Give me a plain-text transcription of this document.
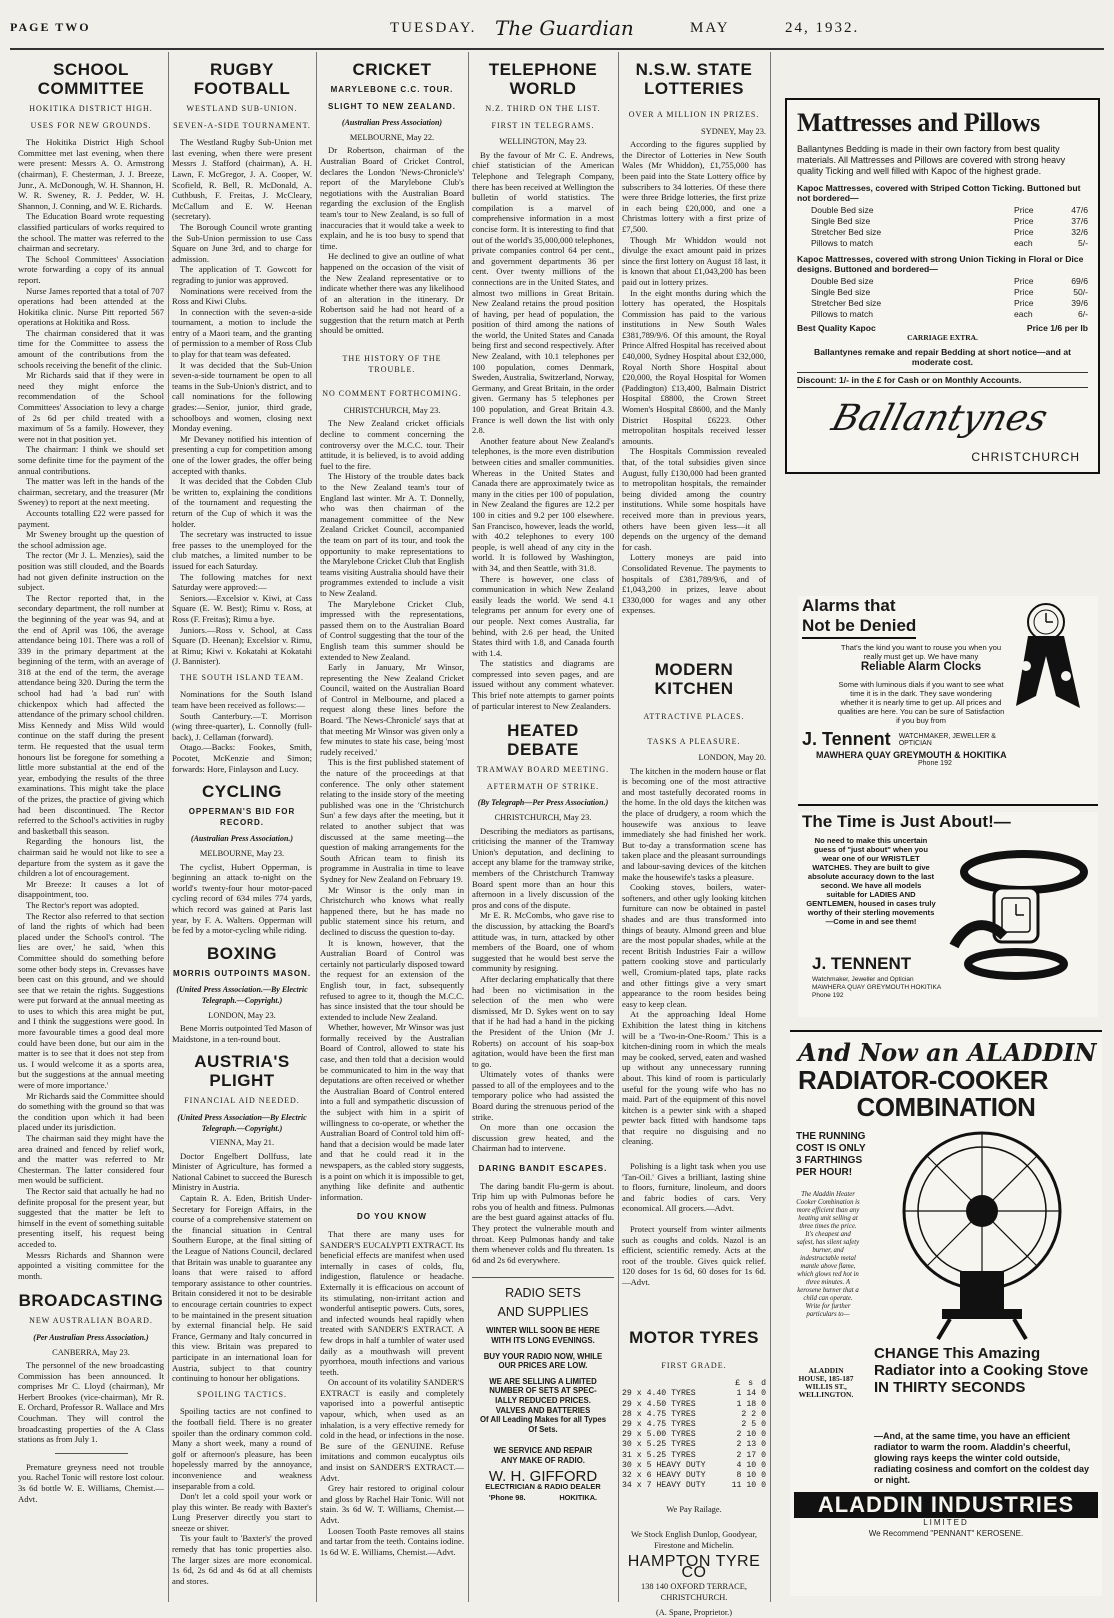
PAGE TWO	TUESDAY. The Guardian	MAY	24, 1932.
SCHOOL COMMITTEE
HOKITIKA DISTRICT HIGH.
USES FOR NEW GROUNDS.

The Hokitika District High School Committee met last evening, when there were present: Messrs A. O. Armstrong (chairman), F. Chesterman, J. J. Breeze, Junr., A. McDonough, W. H. Shannon, H. W. R. Sweney, R. J. Pedder, W. H. Shannon, J. Conning, and W. E. Richards.

The Education Board wrote requesting classified particulars of works required to the school. The matter was referred to the chairman and secretary.

The School Committees' Association wrote forwarding a copy of its annual report.

Nurse James reported that a total of 707 operations had been attended at the Hokitika clinic. Nurse Pitt reported 567 operations at Hokitika and Ross.

The chairman considered that it was time for the Committee to assess the amount of the contributions from the schools receiving the benefit of the clinic.

Mr Richards said that if they were in need they might enforce the recommendation of the School Committees' Association to levy a charge of 2s 6d per child treated with a maximum of 5s a family. However, they were not in that position yet.

The chairman: I think we should set some definite time for the payment of the annual contributions.

The matter was left in the hands of the chairman, secretary, and the treasurer (Mr Sweney) to report at the next meeting.

Accounts totalling £22 were passed for payment.

Mr Sweney brought up the question of the school admission age.

The rector (Mr J. L. Menzies), said the position was still clouded, and the Boards had not given definite instruction on the subject.

The Rector reported that, in the secondary department, the roll number at the beginning of the year was 94, and at the end of April was 106, the average attendance being 101. There was a roll of 339 in the primary department at the beginning of the term, with an average of 318 at the end of the term, the average attendance being 320. During the term the school had had 'a bad run' with chickenpox which had affected the attendance of the primary school children. Miss Kennedy and Miss Wild would continue on the staff during the present term. He requested that the usual term honours list be foregone for something a little more substantial at the end of the year, embodying the results of the three examinations. This might take the place of the prizes, the practice of giving which had been discontinued. The Rector referred to the School's activities in rugby and basketball this season.

Regarding the honours list, the chairman said he would not like to see a departure from the system as it gave the children a lot of encouragement.

Mr Breeze: It causes a lot of disappointment, too.

The Rector's report was adopted.

The Rector also referred to that section of land the rights of which had been placed under the School's control. 'The lies are over,' he said, 'when this Committee should do something before some other body steps in. Crevasses have been cast on this ground, and we should see that we retain the rights. Suggestions were put forward at the annual meeting as to uses to which this area might be put, and I think the suggestions were good. In more favourable times a good deal more could have been done, but our aim in the matter is to see that it does not step from us. I would welcome it as a sports area, but the suggestions at the annual meeting were of more importance.'

Mr Richards said the Committee should do something with the ground so that was the condition upon which it had been placed under its jurisdiction.

The chairman said they might have the area drained and fenced by relief work, and the matter was referred to Mr Chesterman. The latter considered four men would be sufficient.

The Rector said that actually he had no definite proposal for the present year, but suggested that the matter be left to himself in the event of something suitable presenting itself, his request being acceded to.

Messrs Richards and Shannon were appointed a visiting committee for the month.

BROADCASTING
NEW AUSTRALIAN BOARD.
(Per Australian Press Association.)
CANBERRA, May 23.

The personnel of the new broadcasting Commission has been announced. It comprises Mr C. Lloyd (chairman), Mr Herbert Brookes (vice-chairman), Mr R. E. Orchard, Professor R. Wallace and Mrs Couchman. They will control the broadcasting properties of the A Class stations as from July 1.

Premature greyness need not trouble you. Rachel Tonic will restore lost colour. 3s 6d bottle W. E. Williams, Chemist.—Advt.

RUGBY FOOTBALL
WESTLAND SUB-UNION.
SEVEN-A-SIDE TOURNAMENT.

The Westland Rugby Sub-Union met last evening, when there were present Messrs J. Stafford (chairman), A. H. Lawn, F. McGregor, J. A. Cooper, W. Scofield, R. Bell, R. McDonald, A. Cuthbush, F. Freitas, J. McCleary, McCallum and E. W. Heenan (secretary).

The Borough Council wrote granting the Sub-Union permission to use Cass Square on June 3rd, and to charge for admission.

The application of T. Gowcott for regrading to junior was approved.

Nominations were received from the Ross and Kiwi Clubs.

In connection with the seven-a-side tournament, a motion to include the entry of a Maori team, and the granting of permission to a member of Ross Club to play for that team was defeated.

It was decided that the Sub-Union seven-a-side tournament be open to all teams in the Sub-Union's district, and to call nominations for the following grades:—Senior, junior, third grade, schoolboys and women, closing next Monday evening.

Mr Devaney notified his intention of presenting a cup for competition among one of the lower grades, the offer being accepted with thanks.

It was decided that the Cobden Club be written to, explaining the conditions of the tournament and requesting the return of the Cup of which it was the holder.

The secretary was instructed to issue free passes to the unemployed for the club matches, a limited number to be issued for each Saturday.

The following matches for next Saturday were approved:—

Seniors.—Excelsior v. Kiwi, at Cass Square (E. W. Best); Rimu v. Ross, at Ross (F. Freitas); Rimu a bye.

Juniors.—Ross v. School, at Cass Square (D. Heenan); Excelsior v. Rimu, at Rimu; Kiwi v. Kokatahi at Kokatahi (J. Bannister).

THE SOUTH ISLAND TEAM.

Nominations for the South Island team have been received as follows:—

South Canterbury.—T. Morrison (wing three-quarter), L. Connolly (full-back), J. Cellaman (forward).

Otago.—Backs: Fookes, Smith, Pocotet, McKenzie and Simon; forwards: Hore, Finlayson and Lucy.

CYCLING
OPPERMAN'S BID FOR RECORD.
(Australian Press Association.)
MELBOURNE, May 23.

The cyclist, Hubert Opperman, is beginning an attack to-night on the world's twenty-four hour motor-paced cycling record of 634 miles 774 yards, which record was gained at Paris last year, by F. A. Walters. Opperman will be fed by a motor-cycling while riding.

BOXING
MORRIS OUTPOINTS MASON.
(United Press Association.—By Electric Telegraph.—Copyright.)
LONDON, May 23.

Bene Morris outpointed Ted Mason of Maidstone, in a ten-round bout.

AUSTRIA'S PLIGHT
FINANCIAL AID NEEDED.
(United Press Association—By Electric Telegraph.—Copyright.)
VIENNA, May 21.

Doctor Engelbert Dollfuss, late Minister of Agriculture, has formed a National Cabinet to succeed the Buresch Ministry in Austria.

Captain R. A. Eden, British Under-Secretary for Foreign Affairs, in the course of a comprehensive statement on the financial situation in Central Southern Europe, at the final sitting of the League of Nations Council, declared that Britain was unable to guarantee any loans that were raised to afford temporary assistance to other countries. Britain considered it not to be desirable to encourage certain countries to expect to be maintained in the present situation by external financial help. He said France, Germany and Italy concurred in this view. Britain was prepared to participate in an international loan for Austria, subject to that country continuing to honour her obligations.

SPOILING TACTICS.

Spoiling tactics are not confined to the football field. There is no greater spoiler than the ordinary common cold. Many a short week, many a round of golf or afternoon's pleasure, has been hopelessly marred by the annoyance, inconvenience and weakness inseparable from a cold.

Don't let a cold spoil your work or play this winter. Be ready with Baxter's Lung Preserver directly you start to sneeze or shiver.

Tis your fault to 'Baxter's' the proved remedy that has tonic properties also. The larger sizes are more economical. 1s 6d, 2s 6d and 4s 6d at all chemists and stores.

CRICKET
MARYLEBONE C.C. TOUR.
SLIGHT TO NEW ZEALAND.
(Australian Press Association)
MELBOURNE, May 22.

Dr Robertson, chairman of the Australian Board of Cricket Control, declares the London 'News-Chronicle's' report of the Marylebone Club's negotiations with the Australian Board regarding the exclusion of the English team's tour to New Zealand, is so full of inaccuracies that it would take a week to explain, and he is too busy to spend that time.

He declined to give an outline of what happened on the occasion of the visit of the New Zealand representative or to indicate whether there was any likelihood of an alteration in the itinerary. Dr Robertson said he had not heard of a suggestion that the return match at Perth should be omitted.

THE HISTORY OF THE TROUBLE.
NO COMMENT FORTHCOMING.
CHRISTCHURCH, May 23.

The New Zealand cricket officials decline to comment concerning the controversy over the M.C.C. tour. Their attitude, it is believed, is to avoid adding fuel to the fire.

The History of the trouble dates back to the New Zealand team's tour of England last winter. Mr A. T. Donnelly, who was then chairman of the management committee of the New Zealand Cricket Council, accompanied the team on part of its tour, and took the opportunity to make representations to the Marylebone Cricket Club that English teams visiting Australia should have their programmes extended to include a visit to New Zealand.

The Marylebone Cricket Club, impressed with the representations, passed them on to the Australian Board of Control suggesting that the tour of the English team this summer should be extended to New Zealand.

Early in January, Mr Winsor, representing the New Zealand Cricket Council, waited on the Australian Board of Control in Melbourne, and placed a request along these lines before the Board. 'The News-Chronicle' says that at that meeting Mr Winsor was given only a few minutes to state his case, being 'most rudely received.'

This is the first published statement of the nature of the proceedings at that conference. The only other statement relating to the inside story of the meeting published was one in the 'Christchurch Sun' a few days after the meeting, but it related to another subject that was discussed at the same meeting—the question of making arrangements for the South African team to finish its programme in Australia in time to leave Sydney for New Zealand on February 19.

Mr Winsor is the only man in Christchurch who knows what really happened there, but he has made no public statement since his return, and declined to discuss the question to-day.

It is known, however, that the Australian Board of Control was certainly not particularly disposed toward the request for an extension of the English tour, in fact, subsequently refused to agree to it, though the M.C.C. has since insisted that the tour should be extended to include New Zealand.

Whether, however, Mr Winsor was just formally received by the Australian Board of Control, allowed to state his case, and then told that a decision would be communicated to him in the way that deputations are often received or whether the Australian Board of Control entered into a full and sympathetic discussion of the subject with him in a spirit of willingness to co-operate, or whether the Australian Board of Control told him off-hand that a decision would be made later and that he could read it in the newspapers, as the cabled story suggests, is a point on which it is impossible to get, anything like definite and authentic information.

DO YOU KNOW

That there are many uses for SANDER'S EUCALYPTI EXTRACT. Its beneficial effects are manifest when used internally in cases of colds, flu, indigestion, flatulence or headache. Externally it is efficacious on account of its stimulating, non-irritant action and wonderful antiseptic powers. Cuts, sores, and infected wounds heal rapidly when treated with SANDER'S EXTRACT. A few drops in half a tumbler of water used daily as a mouthwash will prevent pyorrhoea, mouth infections and various teeth.

On account of its volatility SANDER'S EXTRACT is easily and completely vaporised into a powerful antiseptic vapour, which, when used as an inhalation, is a very effective remedy for cold in the head, or infections in the nose. Be sure of the GENUINE. Refuse imitations and common eucalyptus oils and insist on SANDER'S EXTRACT.—Advt.

Grey hair restored to original colour and gloss by Rachel Hair Tonic. Will not stain. 3s 6d W. T. Williams, Chemist.—Advt.

Loosen Tooth Paste removes all stains and tartar from the teeth. Contains iodine. 1s 6d W. E. Williams, Chemist.—Advt.

TELEPHONE WORLD
N.Z. THIRD ON THE LIST.
FIRST IN TELEGRAMS.
WELLINGTON, May 23.

By the favour of Mr C. E. Andrews, chief statistician of the American Telephone and Telegraph Company, there has been received at Wellington the bulletin of world statistics. The compilation is a marvel of comprehensive information in a most concise form. It is interesting to find that out of the world's 35,000,000 telephones, private companies control 64 per cent., and government departments 36 per cent. Over twenty millions of the connections are in the United States, and almost two millions in Great Britain. New Zealand retains the proud position of having, per head of population, the position of third among the nations of the world, the United States and Canada being first and second respectively. After New Zealand, with 10.1 telephones per 100 population, comes Denmark, Sweden, Australia, Switzerland, Norway, Germany, and Great Britain, in the order given. Germany has 5 telephones per 100 population, and Great Britain 4.3. France is well down the list with only 2.8.

Another feature about New Zealand's telephones, is the more even distribution between cities and smaller communities. Whereas in the United States and Canada there are approximately twice as many in the cities per 100 of population, in New Zealand the figures are 12.2 per 100 in cities and 9.2 per 100 elsewhere. San Francisco, however, leads the world, with 40.2 telephones to every 100 people, is well ahead of any city in the world. It is followed by Washington, with 34, and then Seattle, with 31.8.

There is however, one class of communication in which New Zealand easily leads the world. We send 4.1 telegrams per annum for every one of our people. Next comes Australia, far behind, with 2.6 per head, the United States third with 1.8, and Canada fourth with 1.4.

The statistics and diagrams are compressed into seven pages, and are issued without any comment whatever. This brief note attempts to garner points of particular interest to New Zealanders.

HEATED DEBATE
TRAMWAY BOARD MEETING.
AFTERMATH OF STRIKE.
(By Telegraph—Per Press Association.)
CHRISTCHURCH, May 23.

Describing the mediators as partisans, criticising the manner of the Tramway Union's deputation, and declining to accept any blame for the tramway strike, members of the Christchurch Tramway Board spent more than an hour this afternoon in a lively discussion of the pros and cons of the dispute.

Mr E. R. McCombs, who gave rise to the discussion, by attacking the Board's attitude was, in turn, attacked by other members of the Board, one of whom suggested that he would best serve the community by resigning.

After declaring emphatically that there had been no victimisation in the selection of the men who were dismissed, Mr D. Sykes went on to say that if he had had a hand in the picking the President of the Union (Mr J. Roberts) on account of his soap-box agitation, would have been the first man to go.

Ultimately votes of thanks were passed to all of the employees and to the temporary police who had assisted the Board during the strenuous period of the strike.

On more than one occasion the discussion grew heated, and the Chairman had to intervene.

DARING BANDIT ESCAPES.

The daring bandit Flu-germ is about. Trip him up with Pulmonas before he robs you of health and fitness. Pulmonas are the best guard against attacks of flu. They protect the vulnerable mouth and throat. Keep Pulmonas handy and take them whenever colds and flu threaten. 1s 6d and 2s 6d everywhere.

RADIO SETS
AND SUPPLIES
WINTER WILL SOON BE HERE
WITH ITS LONG EVENINGS.
BUY YOUR RADIO NOW, WHILE
OUR PRICES ARE LOW.
WE ARE SELLING A LIMITED
NUMBER OF SETS AT SPEC-
IALLY REDUCED PRICES.
VALVES AND BATTERIES
Of All Leading Makes for all Types
Of Sets.
WE SERVICE AND REPAIR
ANY MAKE OF RADIO.
W. H. GIFFORD
ELECTRICIAN & RADIO DEALER
'Phone 98.	HOKITIKA.
N.S.W. STATE LOTTERIES
OVER A MILLION IN PRIZES.
SYDNEY, May 23.

According to the figures supplied by the Director of Lotteries in New South Wales (Mr Whiddon), £1,755,000 has been paid into the State Lottery office by subscribers to 34 lotteries. Of these there were three Bridge lotteries, the first prize in each being £20,000, and one a Christmas lottery with a first prize of £7,500.

Though Mr Whiddon would not divulge the exact amount paid in prizes since the first lottery on August 18 last, it is known that about £1,043,200 has been paid out in lottery prizes.

In the eight months during which the lottery has operated, the Hospitals Commission has paid to the various institutions in New South Wales £381,789/9/6. Of this amount, the Royal Prince Alfred Hospital has received about £40,000, Sydney Hospital about £32,000, Royal North Shore Hospital about £20,000, the Royal Hospital for Women (Paddington) £13,400, Balmain District Hospital £8800, the Crown Street Women's Hospital £8600, and the Manly District Hospital £6223. Other metropolitan hospitals received lesser amounts.

The Hospitals Commission revealed that, of the total subsidies given since August, fully £130,000 had been granted to metropolitan hospitals, the remainder being divided among the country institutions. While some hospitals have received more than in previous years, others have been given less—it all depends on the urgency of the demand for cash.

Lottery moneys are paid into Consolidated Revenue. The payments to hospitals of £381,789/9/6, and of £1,043,200 in prizes, leave about £330,000 for wages and any other expenses.

MODERN KITCHEN
ATTRACTIVE PLACES.
TASKS A PLEASURE.
LONDON, May 20.

The kitchen in the modern house or flat is becoming one of the most attractive and most tastefully decorated rooms in the home. In the old days the kitchen was the place of drudgery, a room which the housewife was anxious to leave immediately she had finished her work. But to-day a transformation scene has taken place and the pleasant surroundings and labour-saving devices of the kitchen make the housewife's tasks a pleasure.

Cooking stoves, boilers, water-softeners, and other ugly looking kitchen furniture can now be obtained in pastel shades and are thus transformed into things of beauty. Almond green and blue are the most popular shades, while at the recent British Industries Fair a willow pattern cooking stove and particularly well, Cromium-plated taps, plate racks and other fittings give a very smart appearance to the room besides being easy to keep clean.

At the approaching Ideal Home Exhibition the latest thing in kitchens will be a 'Two-in-One-Room.' This is a kitchen-dining room in which the meals may be cooked, served, eaten and washed up without any unnecessary running about. This kind of room is particularly useful for the young wife who has no maid. Part of the equipment of this novel kitchen is a pewter sink with a shaped pewter back fitted with handsome taps that require no disguising and no cleaning.

Polishing is a light task when you use 'Tan-Oil.' Gives a brilliant, lasting shine to floors, furniture, linoleum, and doors and fabric bodies of cars. Very economical. All grocers.—Advt.

Protect yourself from winter ailments such as coughs and colds. Nazol is an efficient, scientific remedy. Acts at the root of the trouble. Gives quick relief. 120 doses for 1s 6d, 60 doses for 1s 6d.—Advt.

MOTOR TYRES
FIRST GRADE.
£ s d
29 x 4.40 TYRES	1 14 0
29 x 4.50 TYRES	1 18 0
28 x 4.75 TYRES	2 2 0
29 x 4.75 TYRES	2 5 0
29 x 5.00 TYRES	2 10 0
30 x 5.25 TYRES	2 13 0
31 x 5.25 TYRES	2 17 0
30 x 5 HEAVY DUTY	4 10 0
32 x 6 HEAVY DUTY	8 10 0
34 x 7 HEAVY DUTY	11 10 0
We Pay Railage.
We Stock English Dunlop, Goodyear, Firestone and Michelin.
HAMPTON TYRE CO
138 140 OXFORD TERRACE, CHRISTCHURCH.
(A. Spane, Proprietor.)
Mattresses and Pillows
Ballantynes Bedding is made in their own factory from best quality materials. All Mattresses and Pillows are covered with strong heavy quality Ticking and well filled with Kapoc of the highest grade.
Kapoc Mattresses, covered with Striped Cotton Ticking. Buttoned but not bordered—
Double Bed size	Price	47/6
Single Bed size	Price	37/6
Stretcher Bed size	Price	32/6
Pillows to match	each	5/-
Kapoc Mattresses, covered with strong Union Ticking in Floral or Dice designs. Buttoned and bordered—
Double Bed size	Price	69/6
Single Bed size	Price	50/-
Stretcher Bed size	Price	39/6
Pillows to match	each	6/-
Best Quality Kapoc	Price 1/6 per lb
CARRIAGE EXTRA.
Ballantynes remake and repair Bedding at short notice—and at moderate cost.
Discount: 1/- in the £ for Cash or on Monthly Accounts.
Ballantynes
CHRISTCHURCH
Alarms that
Not be Denied
That's the kind you want to rouse you when you really must get up. We have many
Reliable Alarm Clocks
Some with luminous dials if you want to see what time it is in the dark. They save wondering whether it is nearly time to get up. All prices and qualities are here. You can be sure of Satisfaction if you buy from
J. Tennent WATCHMAKER, JEWELLER & OPTICIAN
MAWHERA QUAY GREYMOUTH & HOKITIKA
Phone 192
The Time is Just About!—
No need to make this uncertain guess of "just about" when you wear one of our WRISTLET WATCHES. They are built to give absolute accuracy down to the last second. We have all models suitable for LADIES AND GENTLEMEN, housed in cases truly worthy of their sterling movements—Come in and see them!
J. TENNENT
Watchmaker, Jeweller and Optician MAWHERA QUAY GREYMOUTH HOKITIKA Phone 192
And Now an ALADDIN
RADIATOR-COOKER
COMBINATION
THE RUNNING COST IS ONLY 3 FARTHINGS PER HOUR!
The Aladdin Heater Cooker Combination is more efficient than any heating unit selling at three times the price. It's cheapest and safest, has silent safety burner, and indestructable metal mantle above flame, which glows red hot in three minutes. A kerosene burner that a child can operate. Write for further particulars to—
ALADDIN HOUSE, 185-187 WILLIS ST., WELLINGTON.
CHANGE This Amazing Radiator into a Cooking Stove IN THIRTY SECONDS
—And, at the same time, you have an efficient radiator to warm the room. Aladdin's cheerful, glowing rays keeps the winter cold outside, radiating cosiness and comfort on the coldest day or night.
ALADDIN INDUSTRIES
LIMITED
We Recommend "PENNANT" KEROSENE.
